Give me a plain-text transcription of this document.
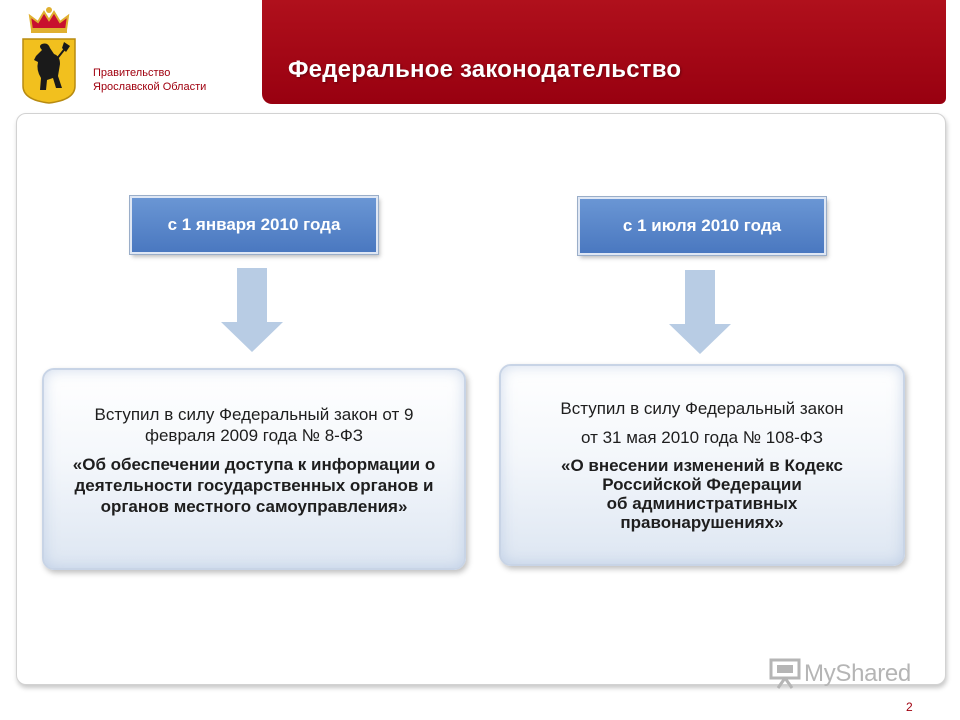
Федеральное законодательство
Правительство
Ярославской Области
с 1 января 2010 года	с 1 июля 2010 года
Вступил в силу Федеральный закон от 9 февраля 2009 года № 8-ФЗ
«Об обеспечении доступа к информации о деятельности государственных органов и органов местного самоуправления»
Вступил в силу Федеральный закон
от 31 мая 2010 года № 108-ФЗ
«О внесении изменений в Кодекс
Российской Федерации
об административных
правонарушениях»
MyShared
2
